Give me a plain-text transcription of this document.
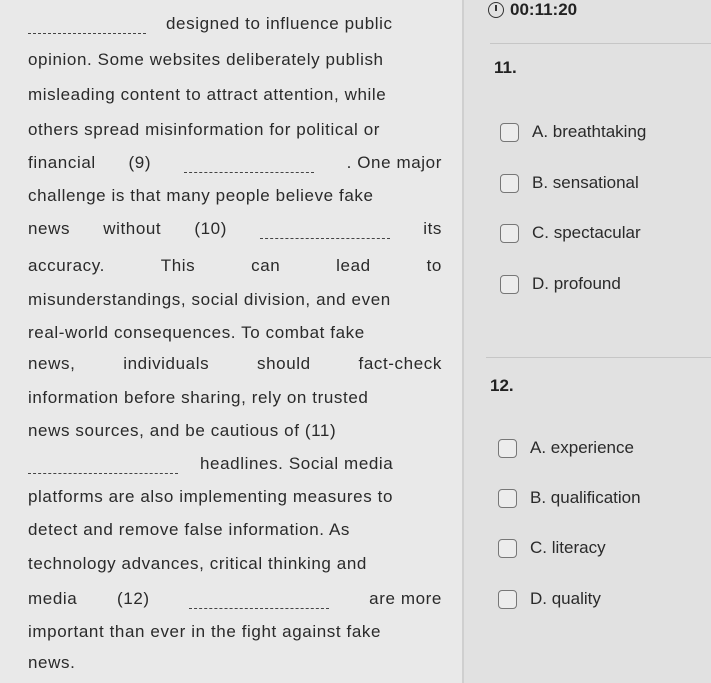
designed to influence public
opinion. Some websites deliberately publish
misleading content to attract attention, while
others spread misinformation for political or
financial (9)	. One major
challenge is that many people believe fake
news without (10)	its
accuracy.	This	can	lead	to
misunderstandings, social division, and even
real-world consequences. To combat fake
news,	individuals	should	fact-check
information before sharing, rely on trusted
news sources, and be cautious of (11)
headlines. Social media
platforms are also implementing measures to
detect and remove false information. As
technology advances, critical thinking and
media (12)	are more
important than ever in the fight against fake
news.
00:11:20
11.
A. breathtaking
B. sensational
C. spectacular
D. profound
12.
A. experience
B. qualification
C. literacy
D. quality
